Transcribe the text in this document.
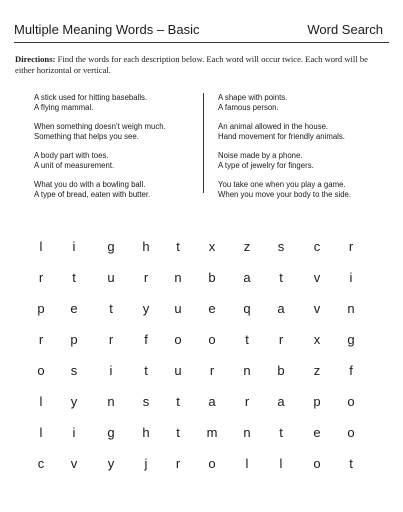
Multiple Meaning Words – Basic	Word Search
Directions: Find the words for each description below. Each word will occur twice. Each word will be either horizontal or vertical.
A stick used for hitting baseballs.
A flying mammal.
When something doesn’t weigh much.
Something that helps you see.
A body part with toes.
A unit of measurement.
What you do with a bowling ball.
A type of bread, eaten with butter.
A shape with points.
A famous person.
An animal allowed in the house.
Hand movement for friendly animals.
Noise made by a phone.
A type of jewelry for fingers.
You take one when you play a game.
When you move your body to the side.
l	i	g h	t	x z s c r
r	t	u r n b a	t	v	i
p e	t	y u e q a v n
r p r	f	o o	t	r x g
o s	i	t	u r n b z	f
l	y n s	t	a r a p o
l	i	g h	t	m n	t	e o
c v y	j	r o	l	l	o	t
